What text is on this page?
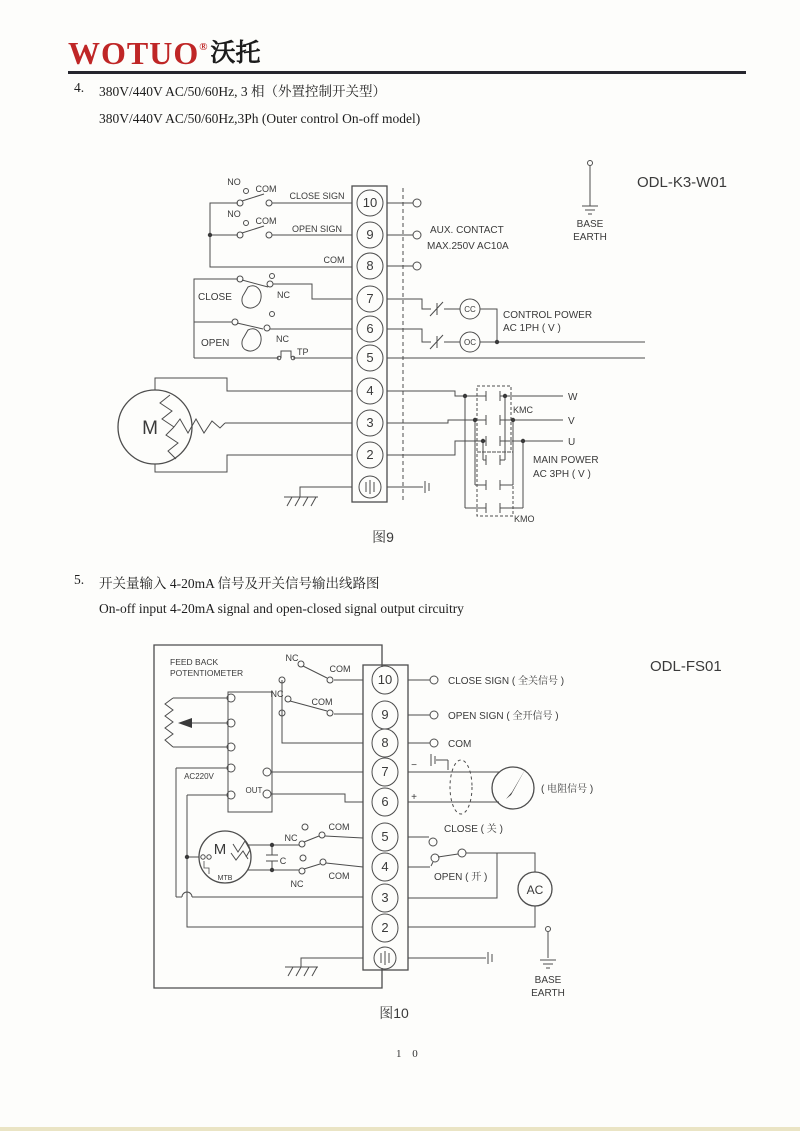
WOTUO® 沃托
4. 380V/440V AC/50/60Hz, 3 相（外置控制开关型）
380V/440V AC/50/60Hz,3Ph (Outer control On-off model)
10
9
8
7
6
5
4
3
2
M
NO
COM
CLOSE SIGN
NO
COM
OPEN SIGN
COM
CLOSE	NC
OPEN	NC
TP
AUX. CONTACT
MAX.250V AC10A
BASE
EARTH
ODL-K3-W01
CC
OC
CONTROL POWER
AC 1PH ( V )
W
V
U
KMC
KMO
MAIN POWER
AC 3PH ( V )
图9
5. 开关量输入 4-20mA 信号及开关信号输出线路图
On-off input 4-20mA signal and open-closed signal output circuitry
10
9
8
7
6
5
4
3
2
M
MTB
AC
FEED BACK
POTENTIOMETER
NC
COM
NC
COM
AC220V
OUT
CLOSE SIGN ( 全关信号 )
OPEN SIGN ( 全开信号 )
COM
−
+
( 电阻信号 )
CLOSE ( 关 )
OPEN ( 开 )
C
NC
COM
NC
COM
BASE
EARTH
ODL-FS01
图10
1 0
